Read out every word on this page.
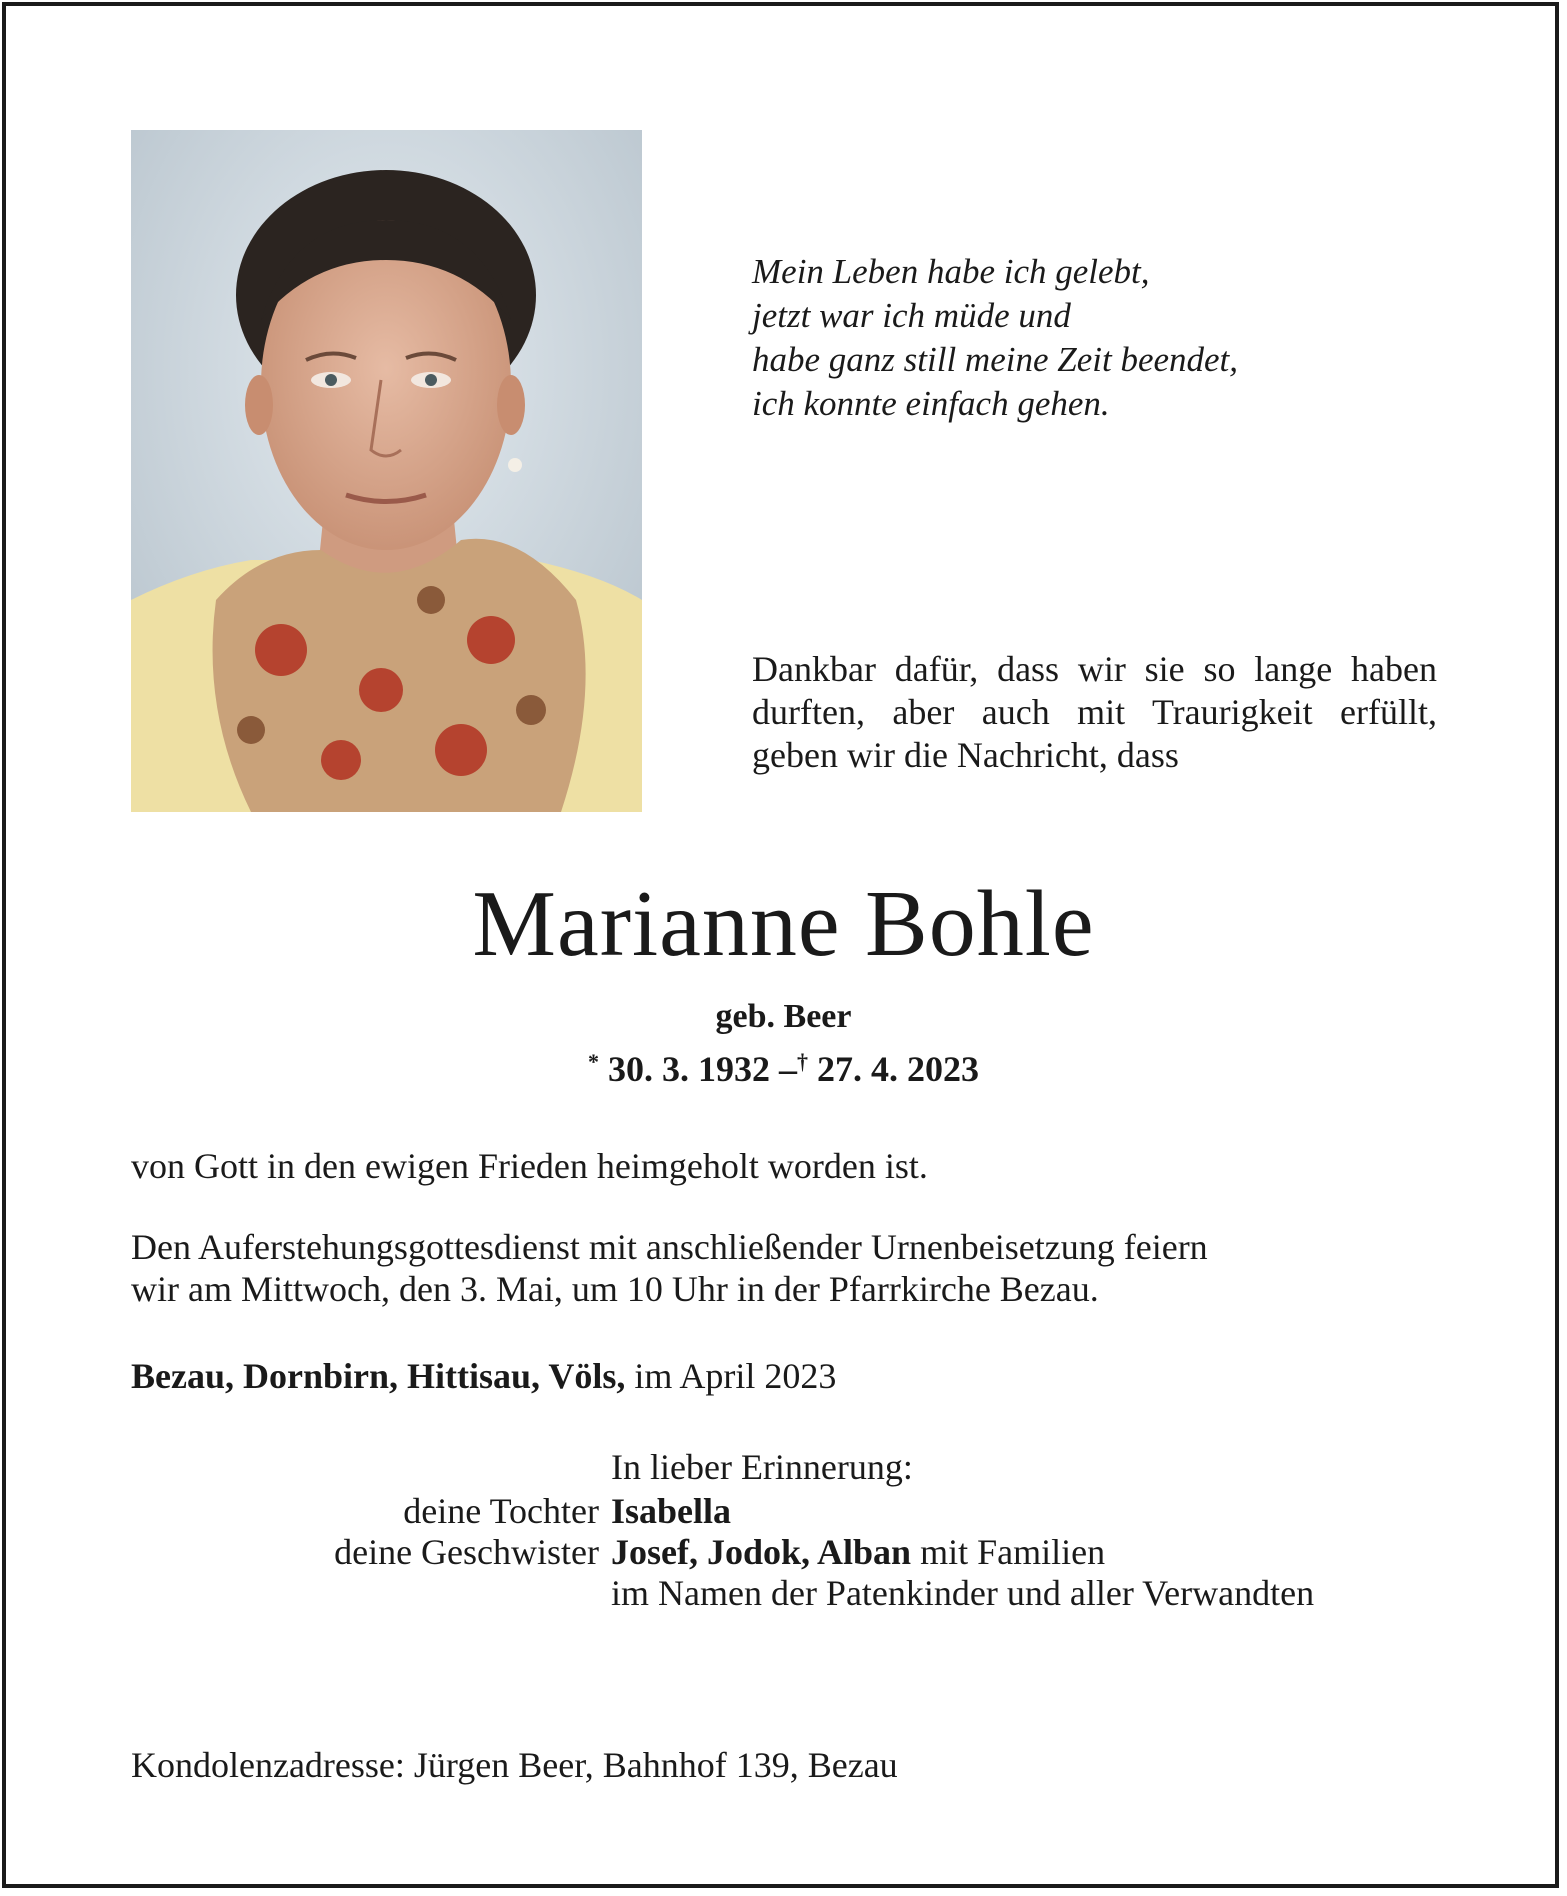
Mein Leben habe ich gelebt,
jetzt war ich müde und
habe ganz still meine Zeit beendet,
ich konnte einfach gehen.
Dankbar dafür, dass wir sie so lange haben durften, aber auch mit Traurigkeit erfüllt, geben wir die Nachricht, dass
Marianne Bohle
geb. Beer
* 30. 3. 1932 –† 27. 4. 2023
von Gott in den ewigen Frieden heimgeholt worden ist.
Den Auferstehungsgottesdienst mit anschließender Urnenbeisetzung feiern
wir am Mittwoch, den 3. Mai, um 10 Uhr in der Pfarrkirche Bezau.
Bezau, Dornbirn, Hittisau, Völs, im April 2023
In lieber Erinnerung:
deine Tochter Isabella
deine Geschwister Josef, Jodok, Alban mit Familien
im Namen der Patenkinder und aller Verwandten
Kondolenzadresse: Jürgen Beer, Bahnhof 139, Bezau
